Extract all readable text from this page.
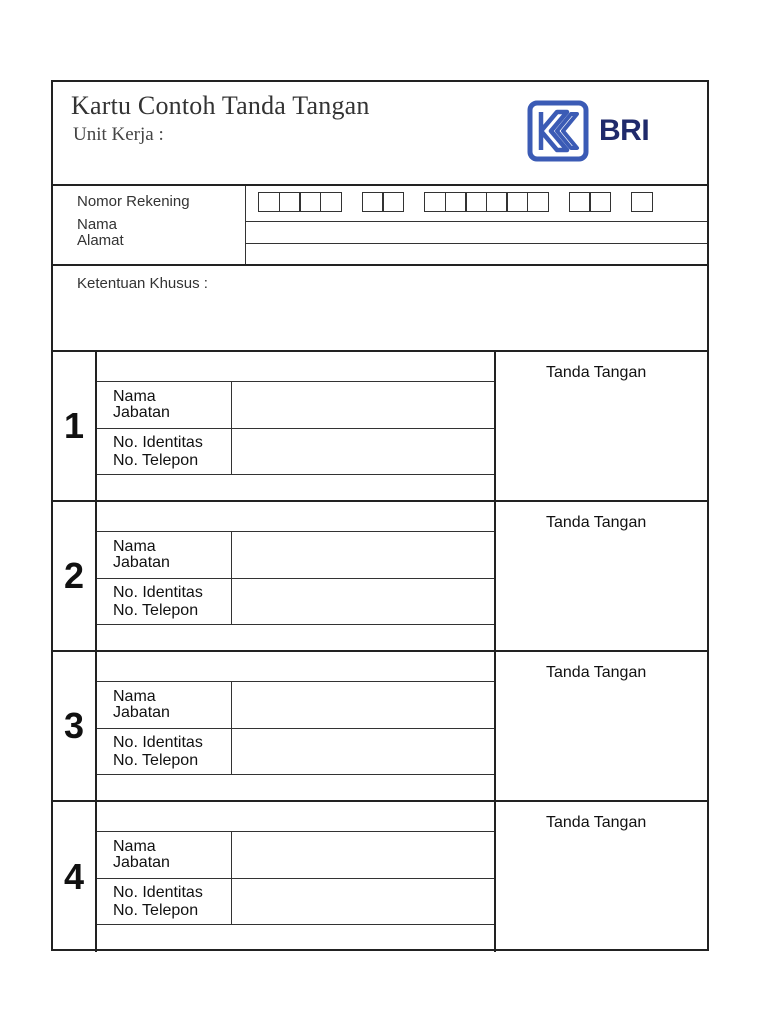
Kartu Contoh Tanda Tangan
Unit Kerja :	BRI
Nomor Rekening
Nama
Alamat
Ketentuan Khusus :
1
Nama
Jabatan
No. Identitas
No. Telepon
Tanda Tangan
2
Nama
Jabatan
No. Identitas
No. Telepon
Tanda Tangan
3
Nama
Jabatan
No. Identitas
No. Telepon
Tanda Tangan
4
Nama
Jabatan
No. Identitas
No. Telepon
Tanda Tangan
